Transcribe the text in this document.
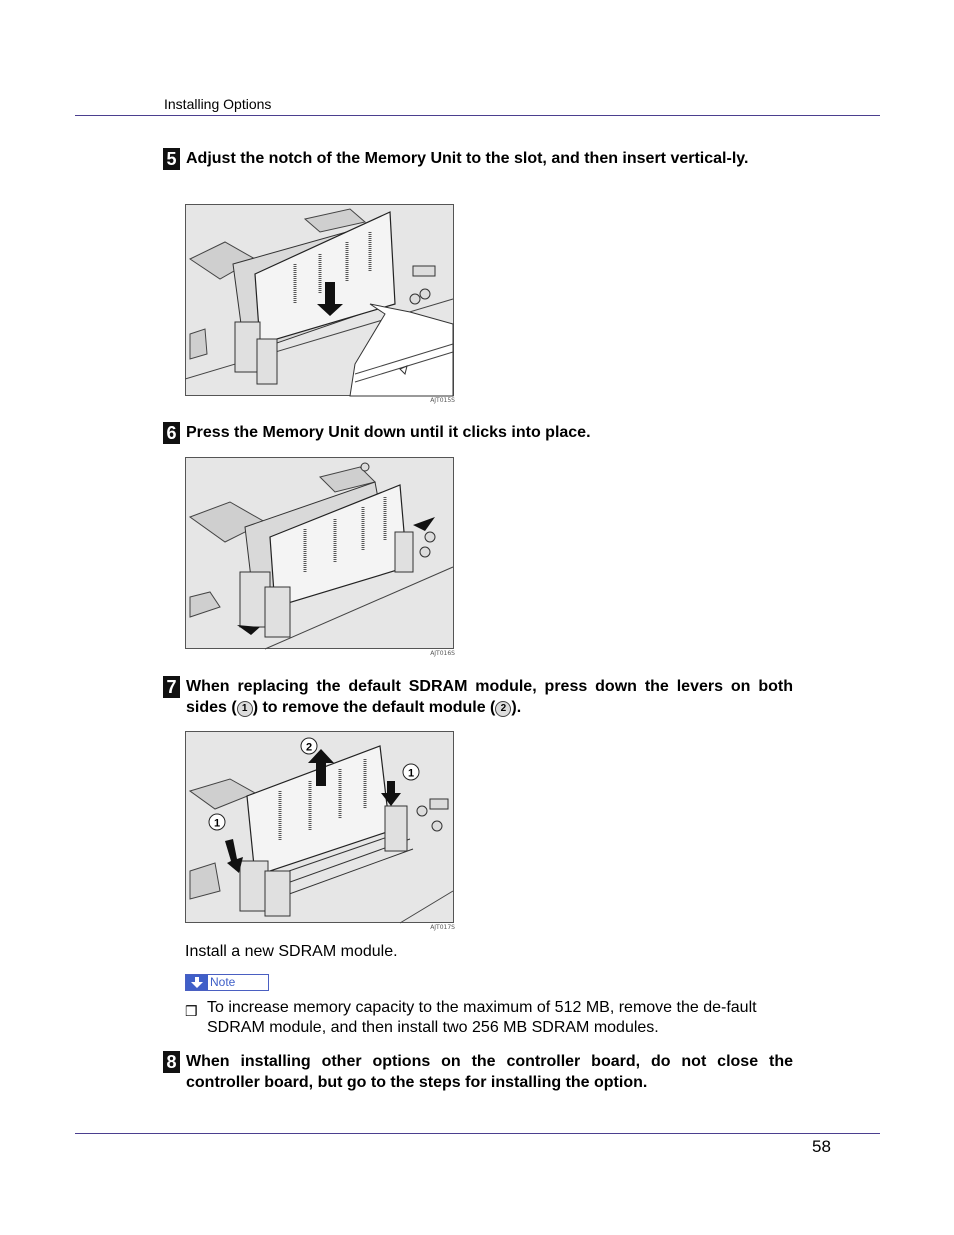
Installing Options
5 Adjust the notch of the Memory Unit to the slot, and then insert vertical-ly.
AJT015S
6 Press the Memory Unit down until it clicks into place.
AJT016S
7 When replacing the default SDRAM module, press down the levers on both sides ( 1 ) to remove the default module ( 2 ).
2
1
1
AJT017S
Install a new SDRAM module.
Note
❒ To increase memory capacity to the maximum of 512 MB, remove the de-fault SDRAM module, and then install two 256 MB SDRAM modules.
8 When installing other options on the controller board, do not close the controller board, but go to the steps for installing the option.
58
